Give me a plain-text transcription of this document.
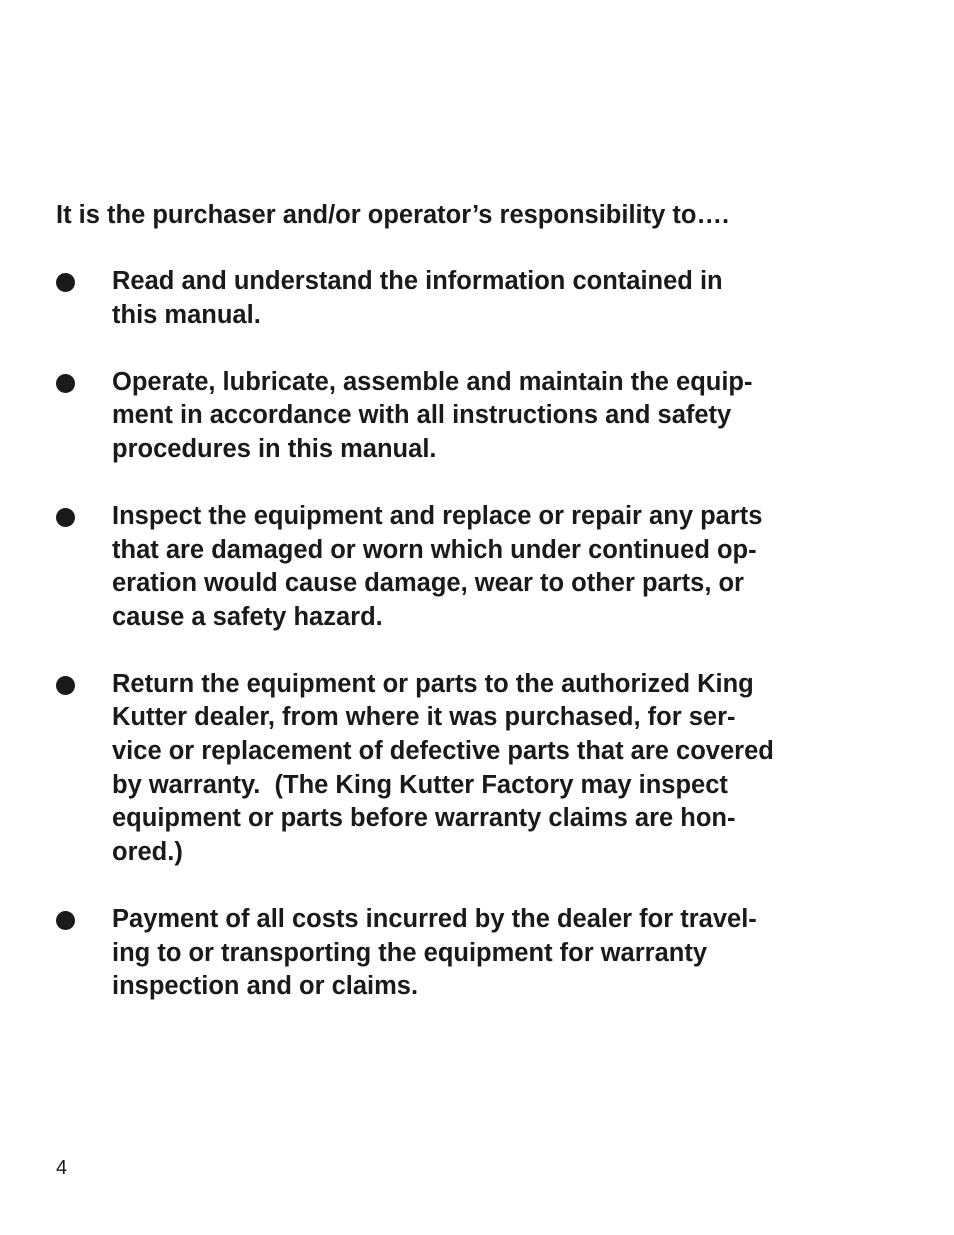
It is the purchaser and/or operator’s responsibility to….

Read and understand the information contained in
this manual.
Operate, lubricate, assemble and maintain the equip-
ment in accordance with all instructions and safety
procedures in this manual.
Inspect the equipment and replace or repair any parts
that are damaged or worn which under continued op-
eration would cause damage, wear to other parts, or
cause a safety hazard.
Return the equipment or parts to the authorized King
Kutter dealer, from where it was purchased, for ser-
vice or replacement of defective parts that are covered
by warranty.  (The King Kutter Factory may inspect
equipment or parts before warranty claims are hon-
ored.)
Payment of all costs incurred by the dealer for travel-
ing to or transporting the equipment for warranty
inspection and or claims.

4
